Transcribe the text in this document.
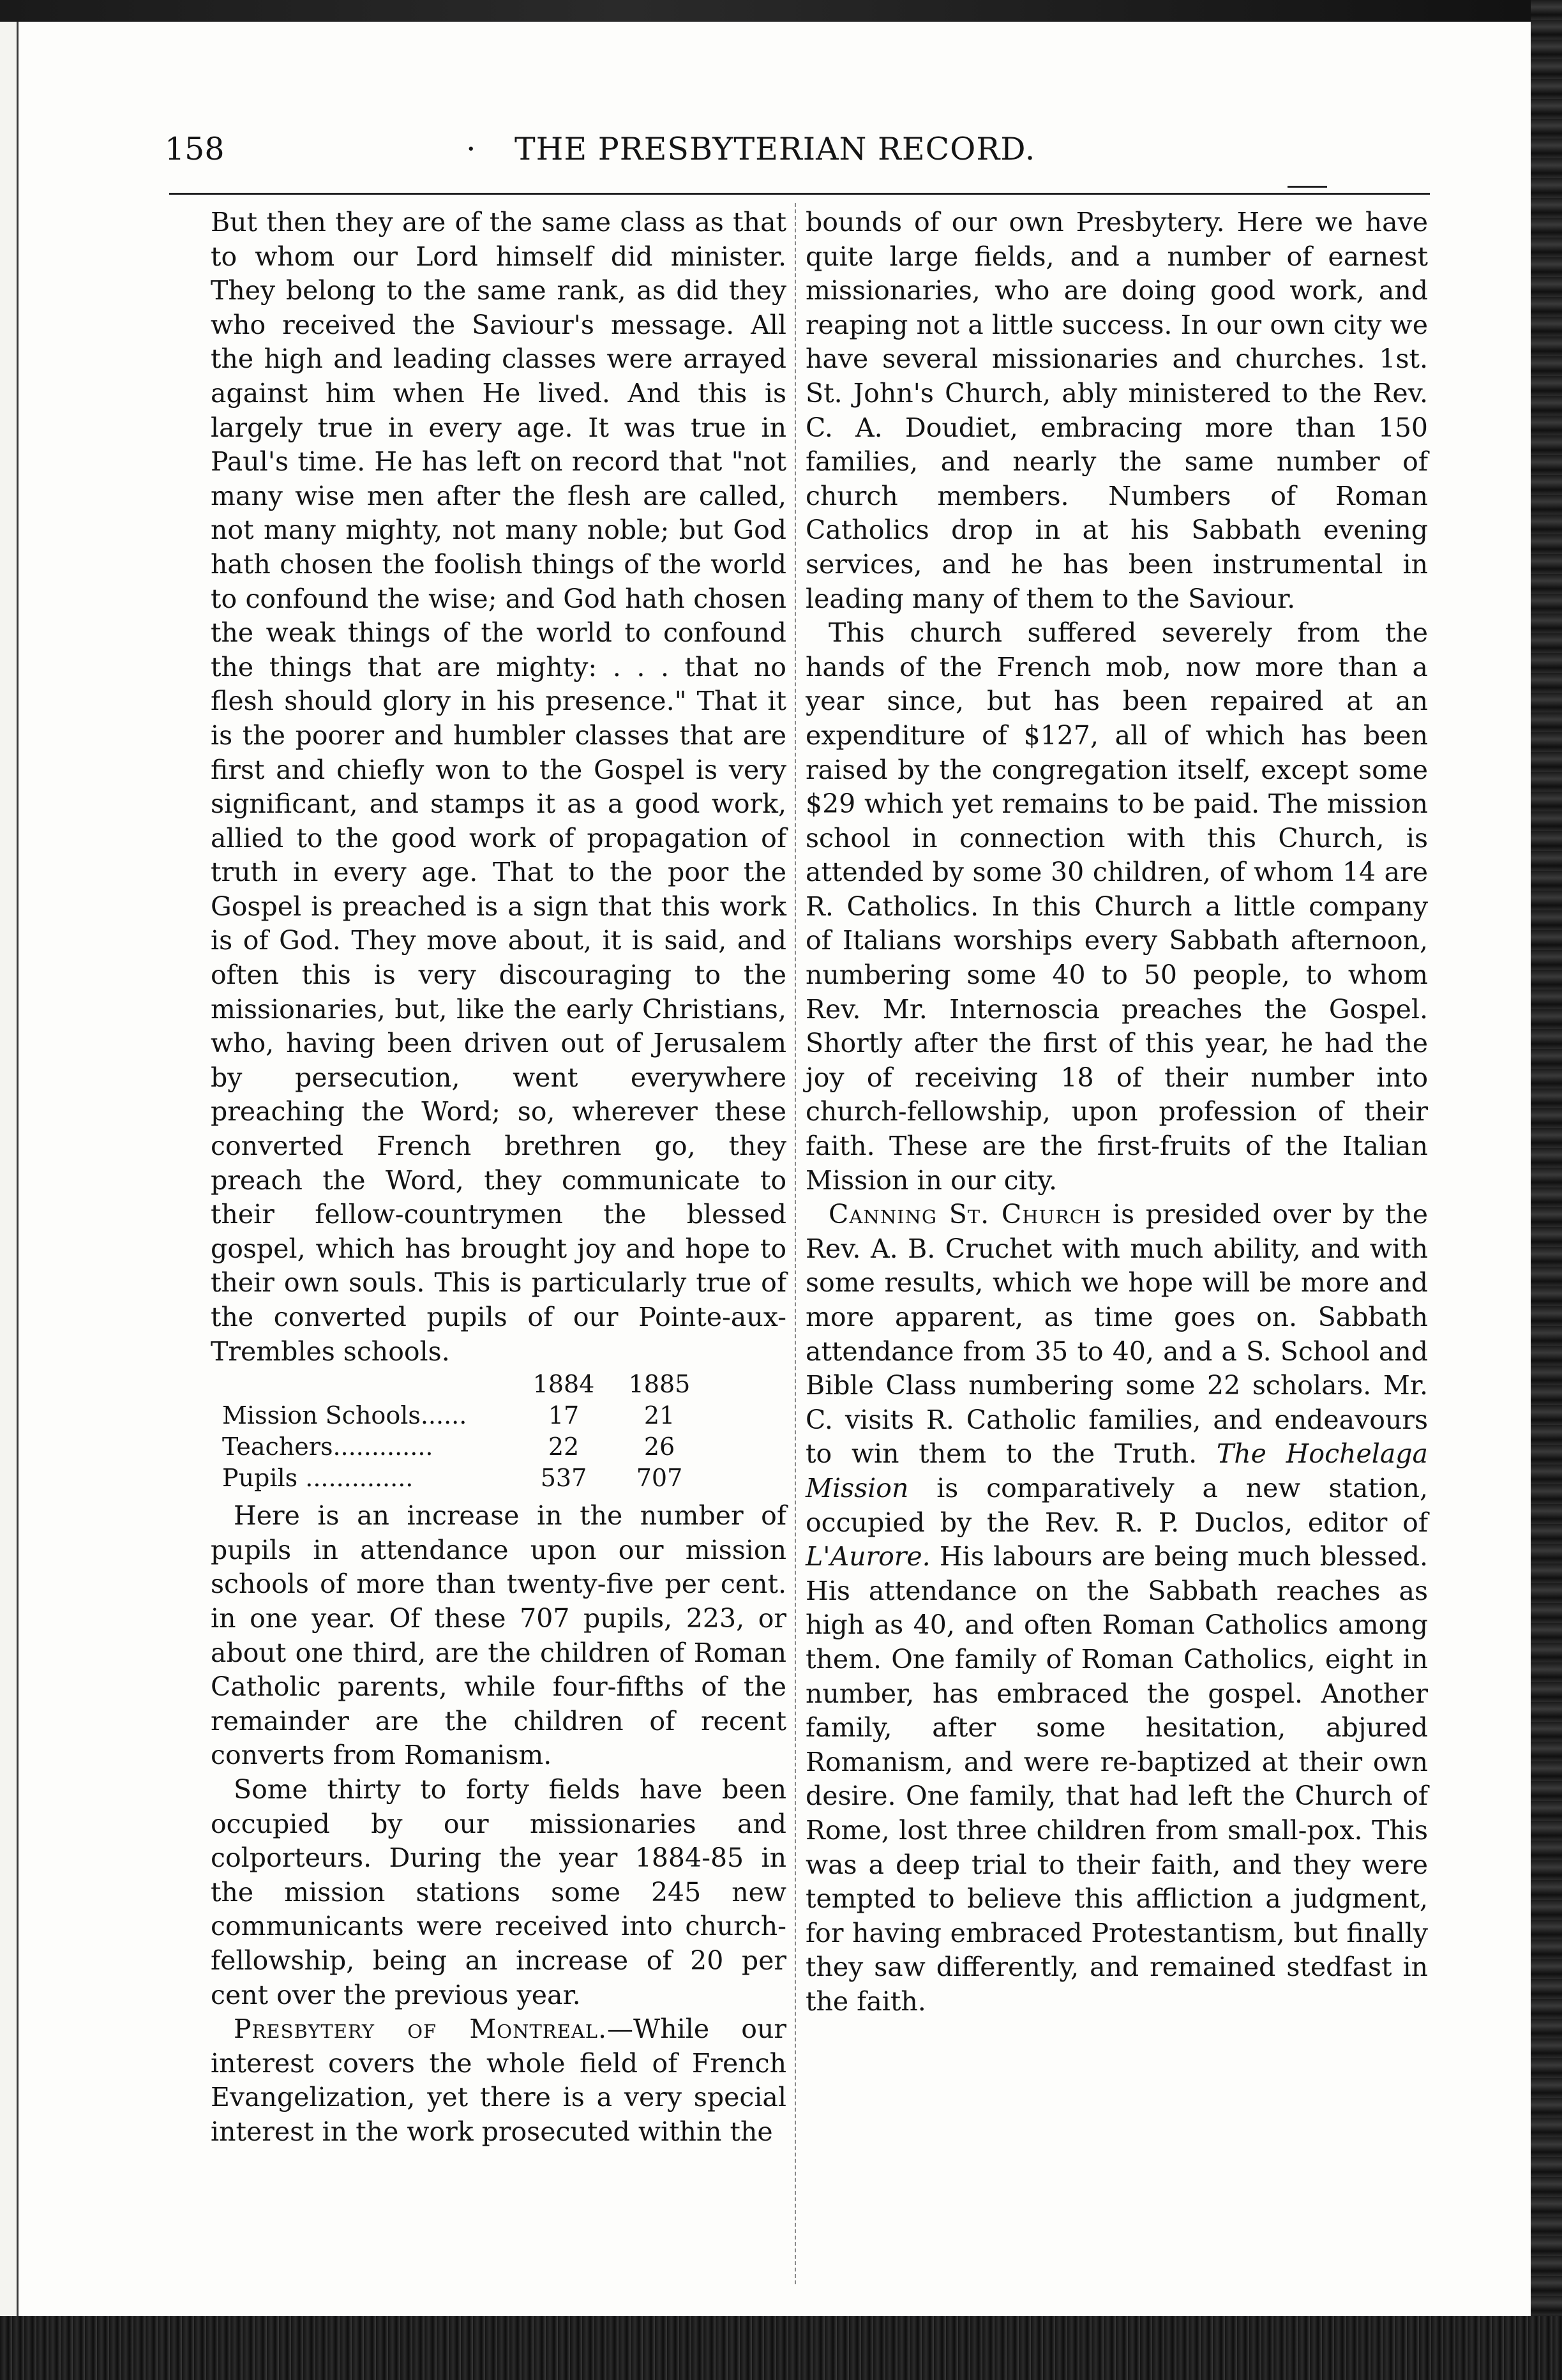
158	· THE PRESBYTERIAN RECORD.

But then they are of the same class as that to whom our Lord himself did minister. They belong to the same rank, as did they who received the Saviour's message. All the high and leading classes were arrayed against him when He lived. And this is largely true in every age. It was true in Paul's time. He has left on record that "not many wise men after the flesh are called, not many mighty, not many noble; but God hath chosen the foolish things of the world to confound the wise; and God hath chosen the weak things of the world to confound the things that are mighty: . . . that no flesh should glory in his presence." That it is the poorer and humbler classes that are first and chiefly won to the Gospel is very significant, and stamps it as a good work, allied to the good work of propagation of truth in every age. That to the poor the Gospel is preached is a sign that this work is of God. They move about, it is said, and often this is very discouraging to the missionaries, but, like the early Christians, who, having been driven out of Jerusalem by persecution, went everywhere preaching the Word; so, wherever these converted French brethren go, they preach the Word, they communicate to their fellow-countrymen the blessed gospel, which has brought joy and hope to their own souls. This is particularly true of the converted pupils of our Pointe-aux-Trembles schools.

	1884	1885
Mission Schools......	17	21
Teachers.............	22	26
Pupils ..............	537	707

Here is an increase in the number of pupils in attendance upon our mission schools of more than twenty-five per cent. in one year. Of these 707 pupils, 223, or about one third, are the children of Roman Catholic parents, while four-fifths of the remainder are the children of recent converts from Romanism.

Some thirty to forty fields have been occupied by our missionaries and colporteurs. During the year 1884-85 in the mission stations some 245 new communicants were received into church-fellowship, being an increase of 20 per cent over the previous year.

Presbytery of Montreal.—While our interest covers the whole field of French Evangelization, yet there is a very special interest in the work prosecuted within the

bounds of our own Presbytery. Here we have quite large fields, and a number of earnest missionaries, who are doing good work, and reaping not a little success. In our own city we have several missionaries and churches. 1st. St. John's Church, ably ministered to the Rev. C. A. Doudiet, embracing more than 150 families, and nearly the same number of church members. Numbers of Roman Catholics drop in at his Sabbath evening services, and he has been instrumental in leading many of them to the Saviour.

This church suffered severely from the hands of the French mob, now more than a year since, but has been repaired at an expenditure of $127, all of which has been raised by the congregation itself, except some $29 which yet remains to be paid. The mission school in connection with this Church, is attended by some 30 children, of whom 14 are R. Catholics. In this Church a little company of Italians worships every Sabbath afternoon, numbering some 40 to 50 people, to whom Rev. Mr. Internoscia preaches the Gospel. Shortly after the first of this year, he had the joy of receiving 18 of their number into church-fellowship, upon profession of their faith. These are the first-fruits of the Italian Mission in our city.

Canning St. Church is presided over by the Rev. A. B. Cruchet with much ability, and with some results, which we hope will be more and more apparent, as time goes on. Sabbath attendance from 35 to 40, and a S. School and Bible Class numbering some 22 scholars. Mr. C. visits R. Catholic families, and endeavours to win them to the Truth. The Hochelaga Mission is comparatively a new station, occupied by the Rev. R. P. Duclos, editor of L'Aurore. His labours are being much blessed. His attendance on the Sabbath reaches as high as 40, and often Roman Catholics among them. One family of Roman Catholics, eight in number, has embraced the gospel. Another family, after some hesitation, abjured Romanism, and were re-baptized at their own desire. One family, that had left the Church of Rome, lost three children from small-pox. This was a deep trial to their faith, and they were tempted to believe this affliction a judgment, for having embraced Protestantism, but finally they saw differently, and remained stedfast in the faith.
